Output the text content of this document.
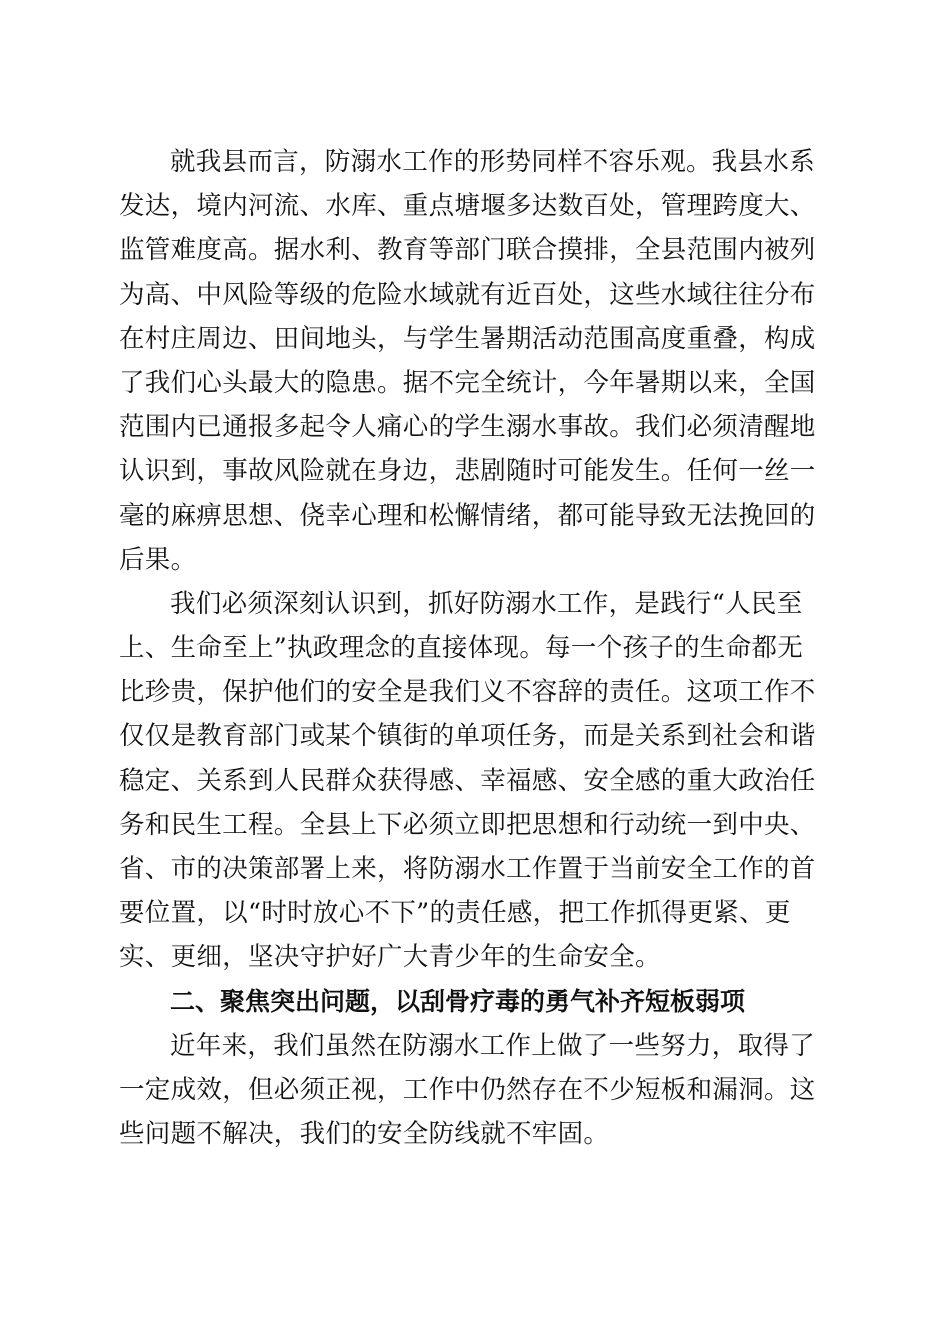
就我县而言，防溺水工作的形势同样不容乐观。我县水系
发达，境内河流、水库、重点塘堰多达数百处，管理跨度大、
监管难度高。据水利、教育等部门联合摸排，全县范围内被列
为高、中风险等级的危险水域就有近百处，这些水域往往分布
在村庄周边、田间地头，与学生暑期活动范围高度重叠，构成
了我们心头最大的隐患。据不完全统计，今年暑期以来，全国
范围内已通报多起令人痛心的学生溺水事故。我们必须清醒地
认识到，事故风险就在身边，悲剧随时可能发生。任何一丝一
毫的麻痹思想、侥幸心理和松懈情绪，都可能导致无法挽回的
后果。
我们必须深刻认识到，抓好防溺水工作，是践行“人民至
上、生命至上”执政理念的直接体现。每一个孩子的生命都无
比珍贵，保护他们的安全是我们义不容辞的责任。这项工作不
仅仅是教育部门或某个镇街的单项任务，而是关系到社会和谐
稳定、关系到人民群众获得感、幸福感、安全感的重大政治任
务和民生工程。全县上下必须立即把思想和行动统一到中央、
省、市的决策部署上来，将防溺水工作置于当前安全工作的首
要位置，以“时时放心不下”的责任感，把工作抓得更紧、更
实、更细，坚决守护好广大青少年的生命安全。
二、聚焦突出问题，以刮骨疗毒的勇气补齐短板弱项
近年来，我们虽然在防溺水工作上做了一些努力，取得了
一定成效，但必须正视，工作中仍然存在不少短板和漏洞。这
些问题不解决，我们的安全防线就不牢固。
